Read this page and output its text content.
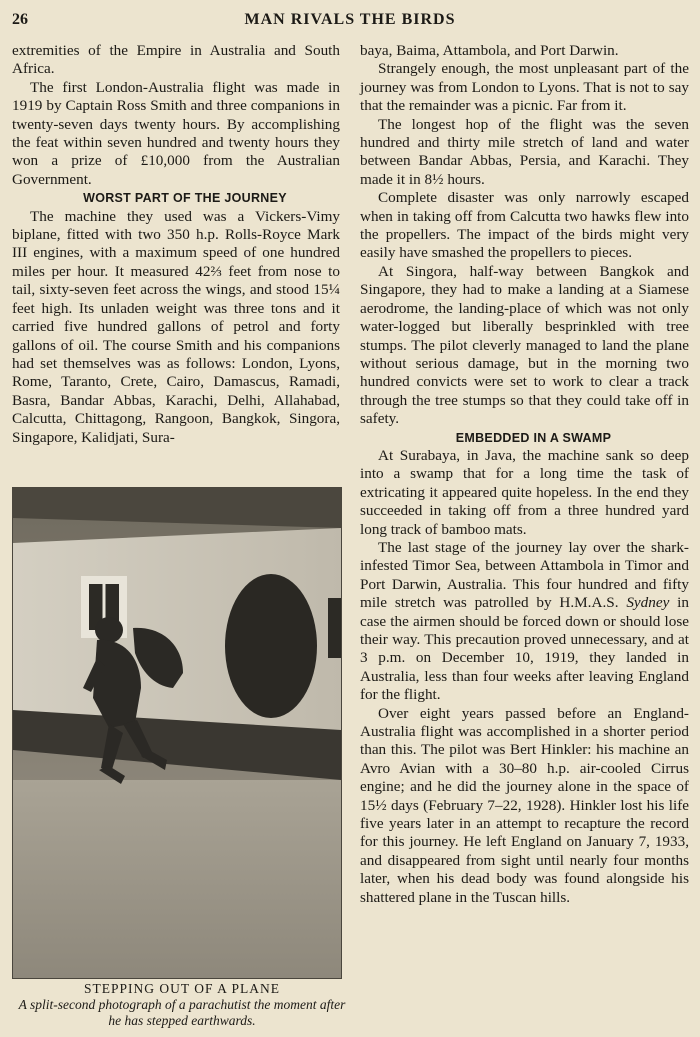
26	MAN RIVALS THE BIRDS

extremities of the Empire in Australia and South Africa.

The first London-Australia flight was made in 1919 by Captain Ross Smith and three companions in twenty-seven days twenty hours. By accomplishing the feat within seven hundred and twenty hours they won a prize of £10,000 from the Australian Government.

WORST PART OF THE JOURNEY

The machine they used was a Vickers-Vimy biplane, fitted with two 350 h.p. Rolls-Royce Mark III engines, with a maximum speed of one hundred miles per hour. It measured 42⅔ feet from nose to tail, sixty-seven feet across the wings, and stood 15¼ feet high. Its unladen weight was three tons and it carried five hundred gallons of petrol and forty gallons of oil. The course Smith and his companions had set themselves was as follows: London, Lyons, Rome, Taranto, Crete, Cairo, Damascus, Ramadi, Basra, Bandar Abbas, Karachi, Delhi, Allahabad, Calcutta, Chittagong, Rangoon, Bangkok, Singora, Singapore, Kalidjati, Sura-

STEPPING OUT OF A PLANE
A split-second photograph of a parachutist the moment after he has stepped earthwards.

baya, Baima, Attambola, and Port Darwin.

Strangely enough, the most unpleasant part of the journey was from London to Lyons. That is not to say that the remainder was a picnic. Far from it.

The longest hop of the flight was the seven hundred and thirty mile stretch of land and water between Bandar Abbas, Persia, and Karachi. They made it in 8½ hours.

Complete disaster was only narrowly escaped when in taking off from Calcutta two hawks flew into the propellers. The impact of the birds might very easily have smashed the propellers to pieces.

At Singora, half-way between Bangkok and Singapore, they had to make a landing at a Siamese aerodrome, the landing-place of which was not only water-logged but liberally besprinkled with tree stumps. The pilot cleverly managed to land the plane without serious damage, but in the morning two hundred convicts were set to work to clear a track through the tree stumps so that they could take off in safety.

EMBEDDED IN A SWAMP

At Surabaya, in Java, the machine sank so deep into a swamp that for a long time the task of extricating it appeared quite hopeless. In the end they succeeded in taking off from a three hundred yard long track of bamboo mats.

The last stage of the journey lay over the shark-infested Timor Sea, between Attambola in Timor and Port Darwin, Australia. This four hundred and fifty mile stretch was patrolled by H.M.A.S. Sydney in case the airmen should be forced down or should lose their way. This precaution proved unnecessary, and at 3 p.m. on December 10, 1919, they landed in Australia, less than four weeks after leaving England for the flight.

Over eight years passed before an England-Australia flight was accomplished in a shorter period than this. The pilot was Bert Hinkler: his machine an Avro Avian with a 30–80 h.p. air-cooled Cirrus engine; and he did the journey alone in the space of 15½ days (February 7–22, 1928). Hinkler lost his life five years later in an attempt to recapture the record for this journey. He left England on January 7, 1933, and disappeared from sight until nearly four months later, when his dead body was found alongside his shattered plane in the Tuscan hills.
